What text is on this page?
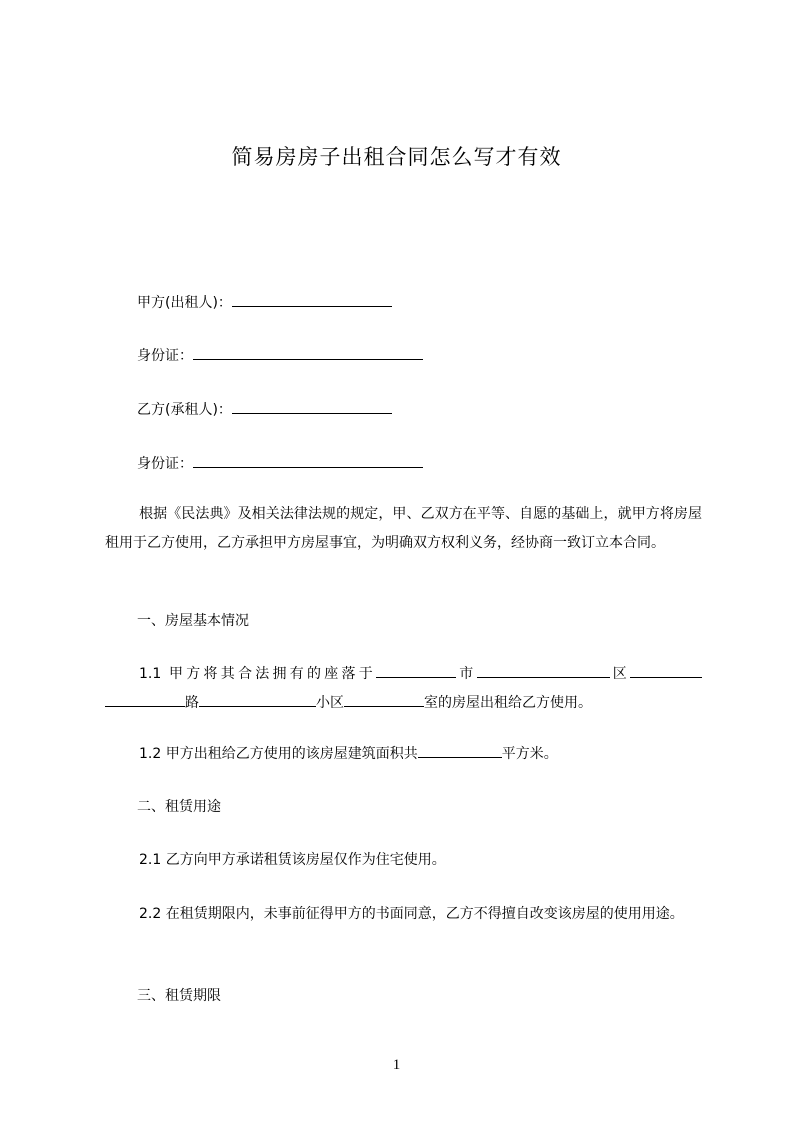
简易房房子出租合同怎么写才有效
甲方(出租人)：
身份证：
乙方(承租人)：
身份证：
根据《民法典》及相关法律法规的规定，甲、乙双方在平等、自愿的基础上，就甲方将房屋租用于乙方使用，乙方承担甲方房屋事宜，为明确双方权利义务，经协商一致订立本合同。
一、房屋基本情况
1.1 甲方将其合法拥有的座落于	市	区路	小区	室的房屋出租给乙方使用。
1.2 甲方出租给乙方使用的该房屋建筑面积共	平方米。
二、租赁用途
2.1 乙方向甲方承诺租赁该房屋仅作为住宅使用。
2.2 在租赁期限内，未事前征得甲方的书面同意，乙方不得擅自改变该房屋的使用用途。
三、租赁期限
1
